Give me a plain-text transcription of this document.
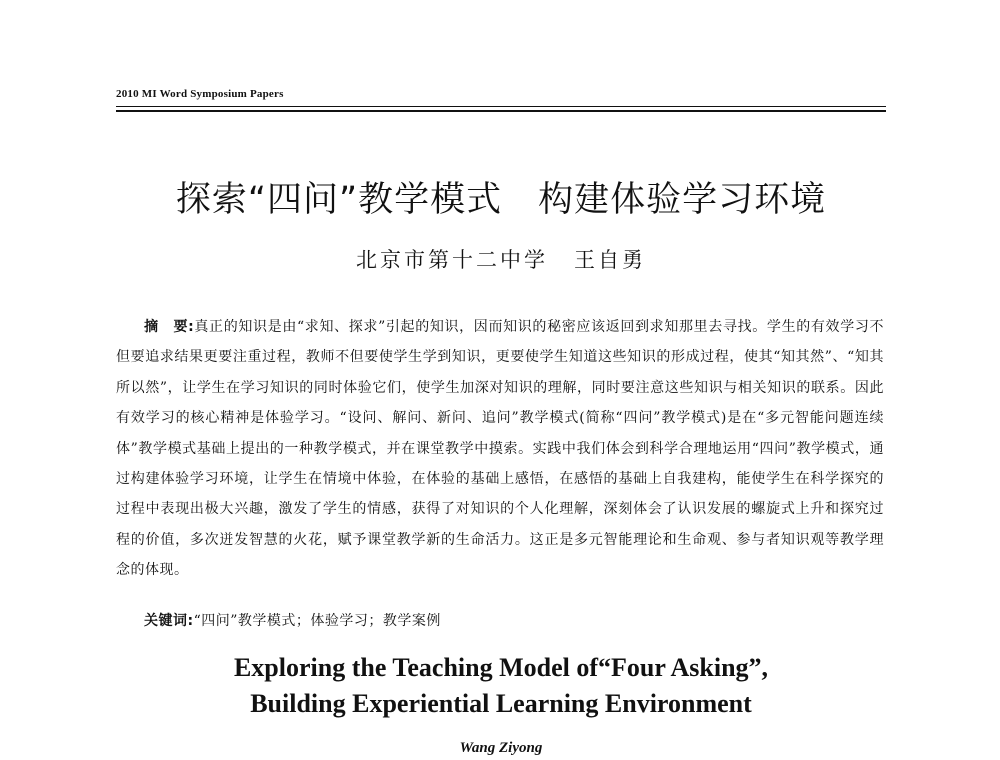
2010 MI Word Symposium Papers
探索“四问”教学模式　构建体验学习环境
北京市第十二中学 王自勇
摘　要:真正的知识是由“求知、探求”引起的知识，因而知识的秘密应该返回到求知那里去寻找。学生的有效学习不但要追求结果更要注重过程，教师不但要使学生学到知识，更要使学生知道这些知识的形成过程，使其“知其然”、“知其所以然”，让学生在学习知识的同时体验它们，使学生加深对知识的理解，同时要注意这些知识与相关知识的联系。因此有效学习的核心精神是体验学习。“设问、解问、新问、追问”教学模式(简称“四问”教学模式)是在“多元智能问题连续体”教学模式基础上提出的一种教学模式，并在课堂教学中摸索。实践中我们体会到科学合理地运用“四问”教学模式，通过构建体验学习环境，让学生在情境中体验，在体验的基础上感悟，在感悟的基础上自我建构，能使学生在科学探究的过程中表现出极大兴趣，激发了学生的情感，获得了对知识的个人化理解，深刻体会了认识发展的螺旋式上升和探究过程的价值，多次迸发智慧的火花，赋予课堂教学新的生命活力。这正是多元智能理论和生命观、参与者知识观等教学理念的体现。
关键词:“四问”教学模式；体验学习；教学案例
Exploring the Teaching Model of“Four Asking”,
Building Experiential Learning Environment
Wang Ziyong
